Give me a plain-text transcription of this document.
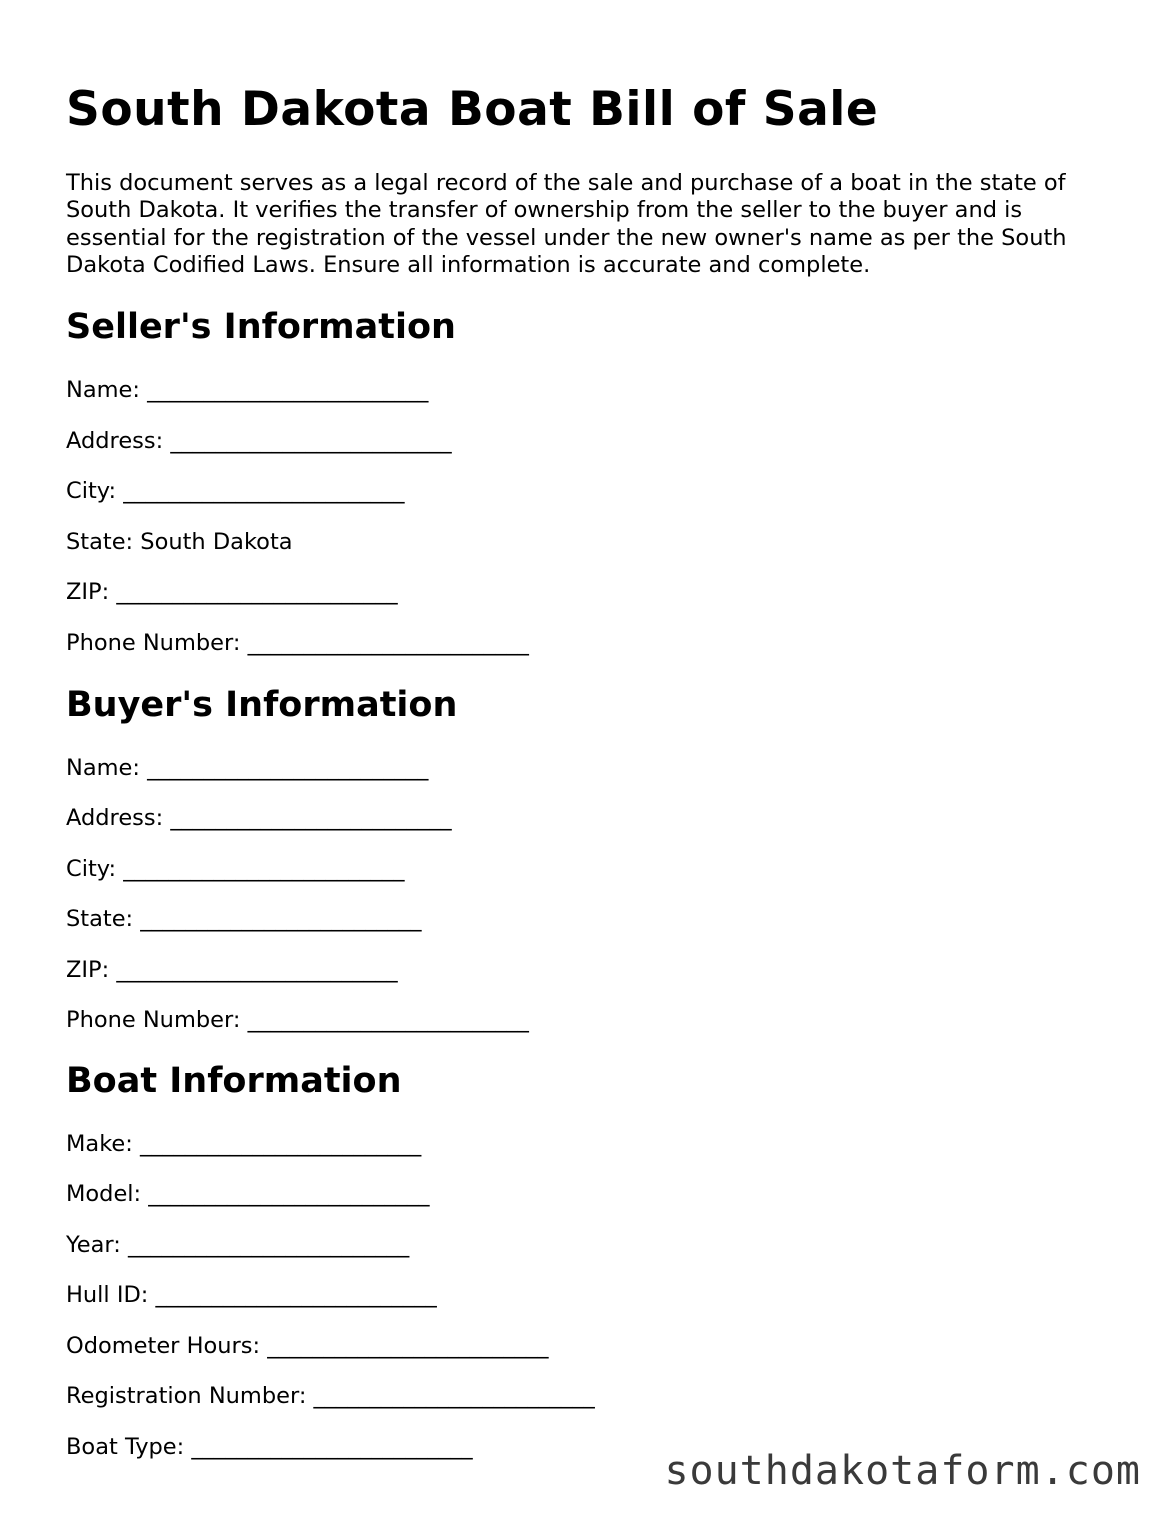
South Dakota Boat Bill of Sale

This document serves as a legal record of the sale and purchase of a boat in the state of South Dakota. It verifies the transfer of ownership from the seller to the buyer and is essential for the registration of the vessel under the new owner's name as per the South Dakota Codified Laws. Ensure all information is accurate and complete.

Seller's Information

Name: _________________________

Address: _________________________

City: _________________________

State: South Dakota

ZIP: _________________________

Phone Number: _________________________

Buyer's Information

Name: _________________________

Address: _________________________

City: _________________________

State: _________________________

ZIP: _________________________

Phone Number: _________________________

Boat Information

Make: _________________________

Model: _________________________

Year: _________________________

Hull ID: _________________________

Odometer Hours: _________________________

Registration Number: _________________________

Boat Type: _________________________

southdakotaform.com
